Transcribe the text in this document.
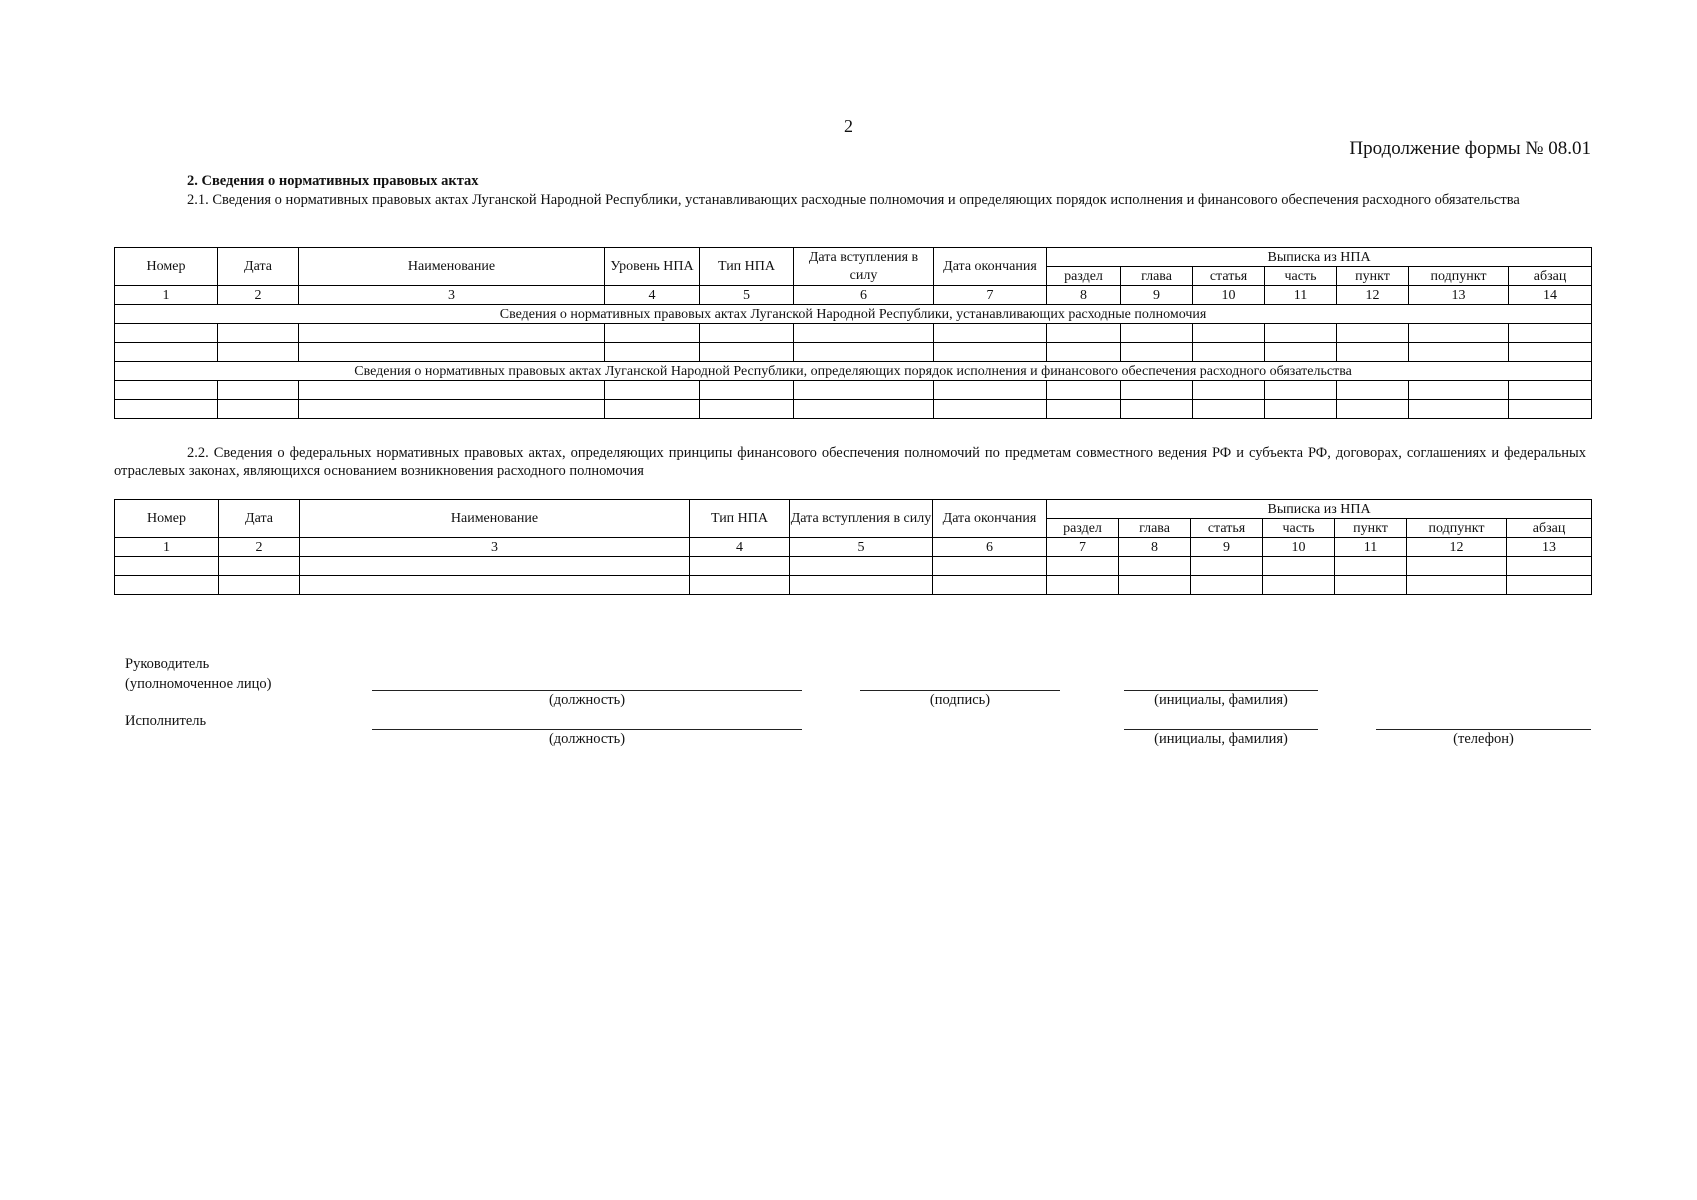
2
Продолжение формы № 08.01
2. Сведения о нормативных правовых актах
2.1. Сведения о нормативных правовых актах Луганской Народной Республики, устанавливающих расходные полномочия и определяющих порядок исполнения и финансового обеспечения расходного обязательства
Номер	Дата	Наименование	Уровень НПА	Тип НПА	Дата вступления в силу	Дата окончания	Выписка из НПА						
							раздел	глава	статья	часть	пункт	подпункт	абзац
1	2	3	4	5	6	7	8	9	10	11	12	13	14
Сведения о нормативных правовых актах Луганской Народной Республики, устанавливающих расходные полномочия													

Сведения о нормативных правовых актах Луганской Народной Республики, определяющих порядок исполнения и финансового обеспечения расходного обязательства													

2.2. Сведения о федеральных нормативных правовых актах, определяющих принципы финансового обеспечения полномочий по предметам совместного ведения РФ и субъекта РФ, договорах, соглашениях и федеральных отраслевых законах, являющихся основанием возникновения расходного полномочия
Номер	Дата	Наименование	Тип НПА	Дата вступления в силу	Дата окончания	Выписка из НПА						
						раздел	глава	статья	часть	пункт	подпункт	абзац
1	2	3	4	5	6	7	8	9	10	11	12	13

Руководитель
(уполномоченное лицо)
Исполнитель
(должность)	(подпись)	(инициалы, фамилия)
(должность)	(инициалы, фамилия)	(телефон)
